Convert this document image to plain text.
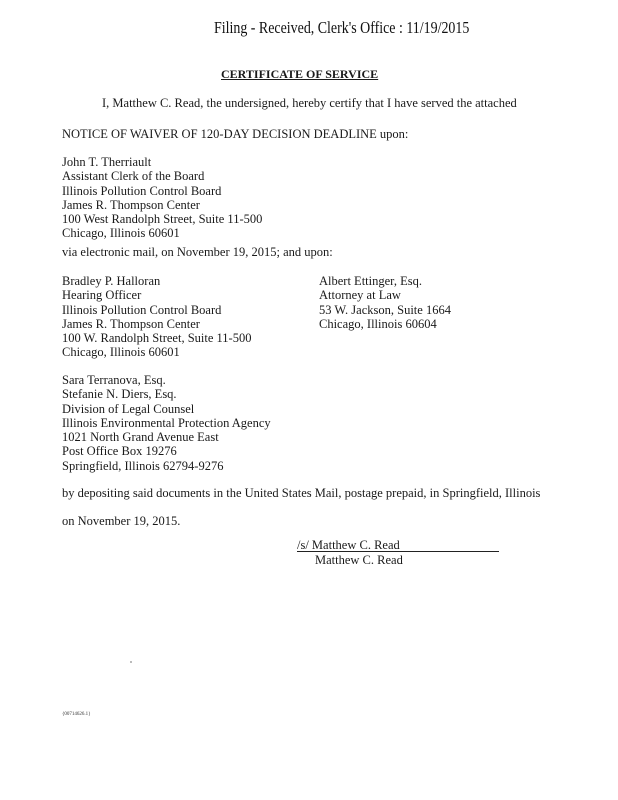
Filing - Received, Clerk's Office : 11/19/2015
CERTIFICATE OF SERVICE
I, Matthew C. Read, the undersigned, hereby certify that I have served the attached
NOTICE OF WAIVER OF 120-DAY DECISION DEADLINE upon:
John T. Therriault
Assistant Clerk of the Board
Illinois Pollution Control Board
James R. Thompson Center
100 West Randolph Street, Suite 11-500
Chicago, Illinois 60601
via electronic mail, on November 19, 2015; and upon:
Bradley P. Halloran
Hearing Officer
Illinois Pollution Control Board
James R. Thompson Center
100 W. Randolph Street, Suite 11-500
Chicago, Illinois 60601
Albert Ettinger, Esq.
Attorney at Law
53 W. Jackson, Suite 1664
Chicago, Illinois 60604
Sara Terranova, Esq.
Stefanie N. Diers, Esq.
Division of Legal Counsel
Illinois Environmental Protection Agency
1021 North Grand Avenue East
Post Office Box 19276
Springfield, Illinois 62794-9276
by depositing said documents in the United States Mail, postage prepaid, in Springfield, Illinois
on November 19, 2015.
/s/ Matthew C. Read
Matthew C. Read
{00714626.1}
